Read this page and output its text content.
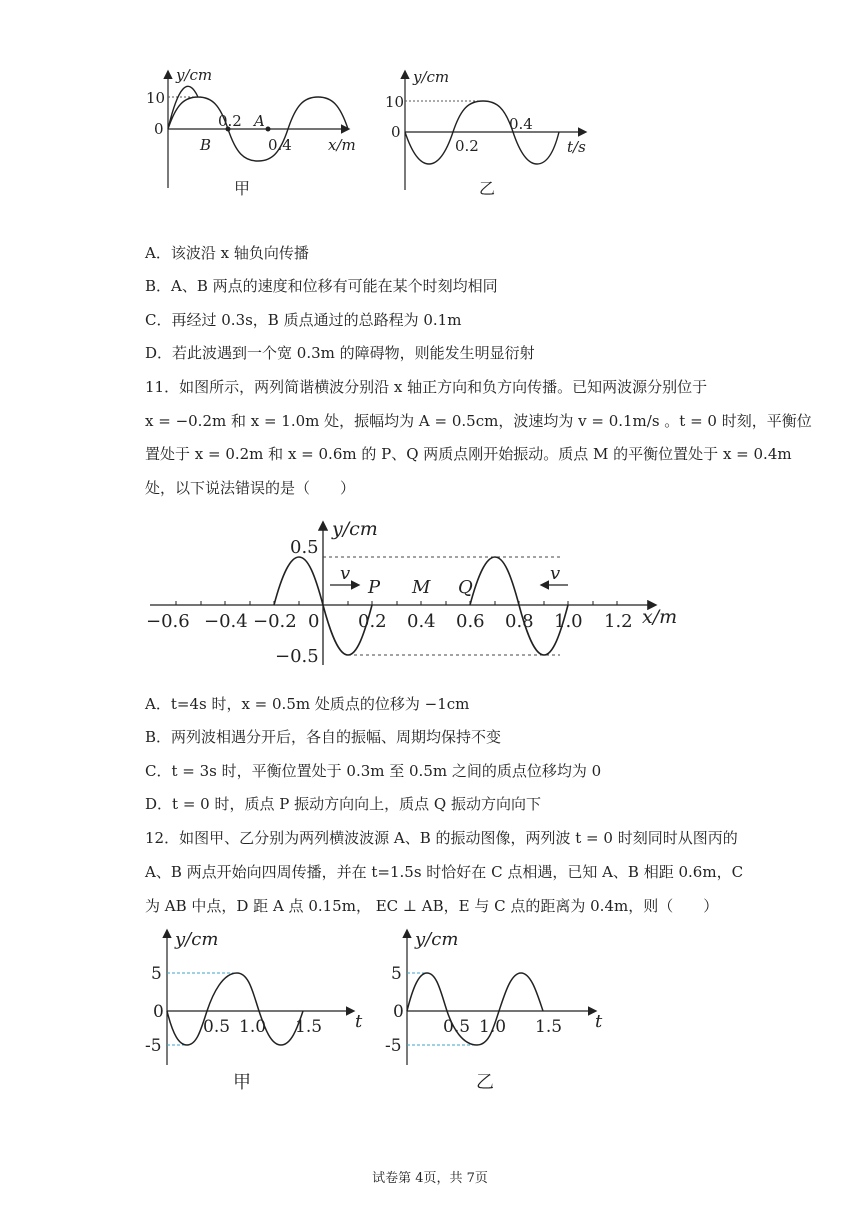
y/cm
10
0	0.2 A
B	0.4 x/m
甲
y/cm
10
0
0.2
0.4
t/s
乙
A．该波沿 x 轴负向传播
B．A、B 两点的速度和位移有可能在某个时刻均相同
C．再经过 0.3s，B 质点通过的总路程为 0.1m
D．若此波遇到一个宽 0.3m 的障碍物，则能发生明显衍射
11．如图所示，两列简谐横波分别沿 x 轴正方向和负方向传播。已知两波源分别位于
x = −0.2m 和 x = 1.0m 处，振幅均为 A = 0.5cm，波速均为 v = 0.1m/s 。t = 0 时刻，平衡位
置处于 x = 0.2m 和 x = 0.6m 的 P、Q 两质点刚开始振动。质点 M 的平衡位置处于 x = 0.4m
处，以下说法错误的是（　　）
y/cm
0.5
−0.5
v	v
P M Q
−0.6 −0.4 −0.2 0 0.2 0.4 0.6 0.8 1.0 1.2 x/m
A．t=4s 时，x = 0.5m 处质点的位移为 −1cm
B．两列波相遇分开后，各自的振幅、周期均保持不变
C．t = 3s 时，平衡位置处于 0.3m 至 0.5m 之间的质点位移均为 0
D．t = 0 时，质点 P 振动方向向上，质点 Q 振动方向向下
12．如图甲、乙分别为两列横波波源 A、B 的振动图像，两列波 t = 0 时刻同时从图丙的
A、B 两点开始向四周传播，并在 t=1.5s 时恰好在 C 点相遇，已知 A、B 相距 0.6m，C
为 AB 中点，D 距 A 点 0.15m， EC ⊥ AB，E 与 C 点的距离为 0.4m，则（　　）
y/cm
5
0
-5
0.5 1.0 1.5 t
甲
y/cm
5
0
-5
0.5 1.0 1.5 t
乙
试卷第 4页，共 7页
